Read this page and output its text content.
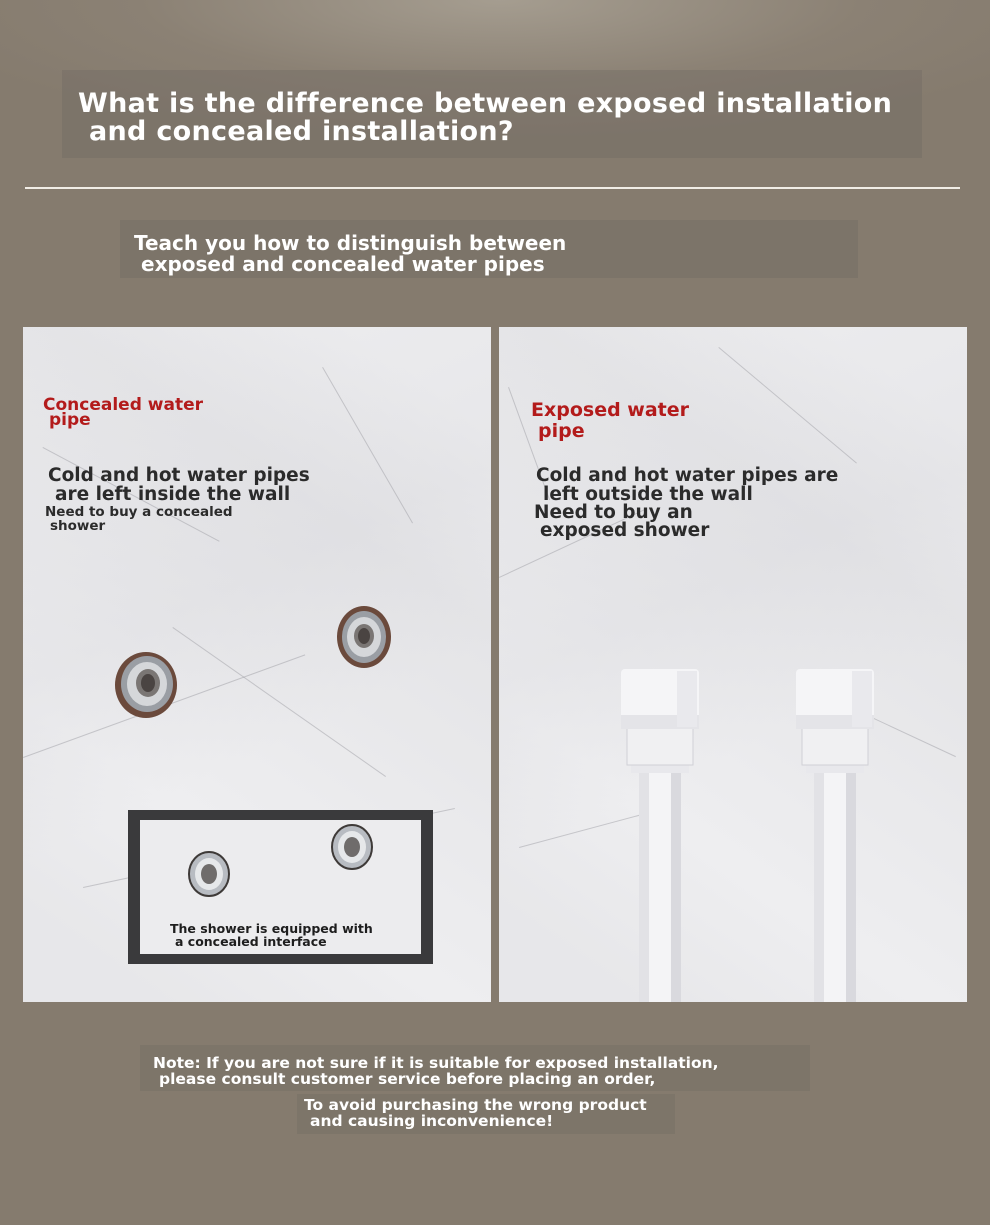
What is the difference between exposed installation
and concealed installation?
Teach you how to distinguish between
exposed and concealed water pipes
Concealed water
pipe
Cold and hot water pipes
are left inside the wall
Need to buy a concealed
shower
The shower is equipped with
a concealed interface
Exposed water
pipe
Cold and hot water pipes are
left outside the wall
Need to buy an
exposed shower
Note: If you are not sure if it is suitable for exposed installation,
please consult customer service before placing an order,
To avoid purchasing the wrong product
and causing inconvenience!
